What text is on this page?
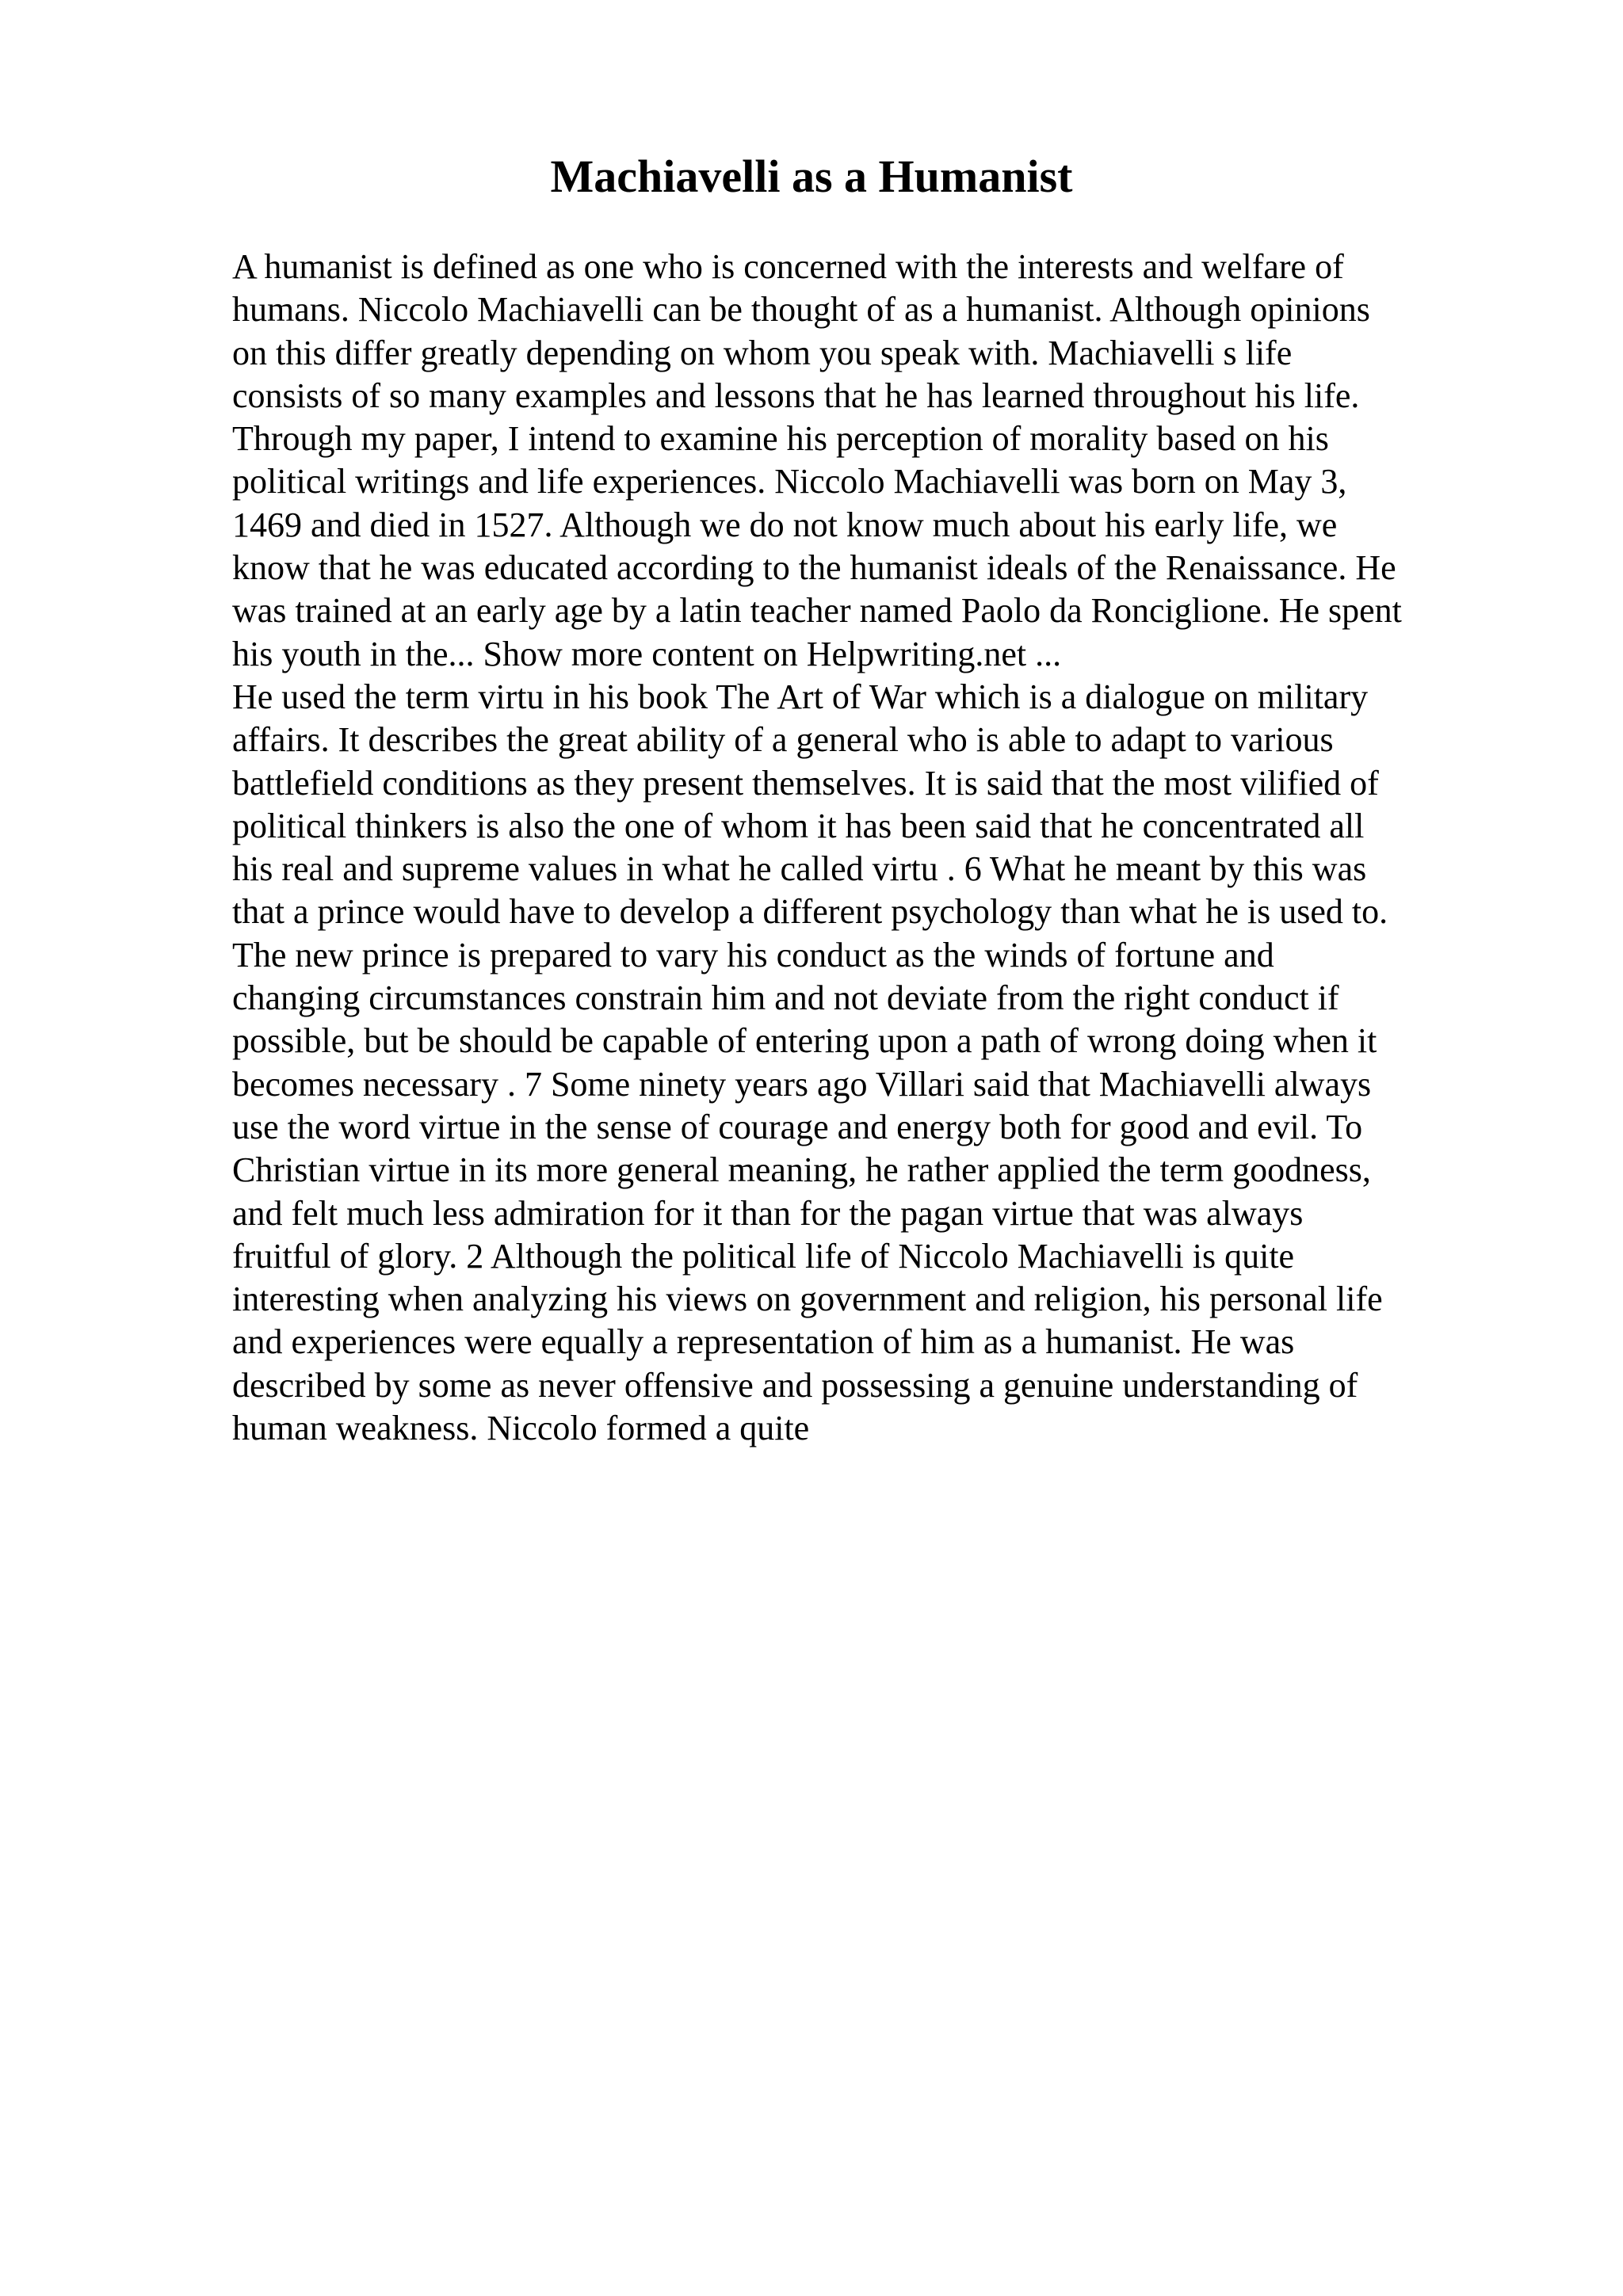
Machiavelli as a Humanist
A humanist is defined as one who is concerned with the interests and welfare of
humans. Niccolo Machiavelli can be thought of as a humanist. Although opinions
on this differ greatly depending on whom you speak with. Machiavelli s life
consists of so many examples and lessons that he has learned throughout his life.
Through my paper, I intend to examine his perception of morality based on his
political writings and life experiences. Niccolo Machiavelli was born on May 3,
1469 and died in 1527. Although we do not know much about his early life, we
know that he was educated according to the humanist ideals of the Renaissance. He
was trained at an early age by a latin teacher named Paolo da Ronciglione. He spent
his youth in the... Show more content on Helpwriting.net ...
He used the term virtu in his book The Art of War which is a dialogue on military
affairs. It describes the great ability of a general who is able to adapt to various
battlefield conditions as they present themselves. It is said that the most vilified of
political thinkers is also the one of whom it has been said that he concentrated all
his real and supreme values in what he called virtu . 6 What he meant by this was
that a prince would have to develop a different psychology than what he is used to.
The new prince is prepared to vary his conduct as the winds of fortune and
changing circumstances constrain him and not deviate from the right conduct if
possible, but be should be capable of entering upon a path of wrong doing when it
becomes necessary . 7 Some ninety years ago Villari said that Machiavelli always
use the word virtue in the sense of courage and energy both for good and evil. To
Christian virtue in its more general meaning, he rather applied the term goodness,
and felt much less admiration for it than for the pagan virtue that was always
fruitful of glory. 2 Although the political life of Niccolo Machiavelli is quite
interesting when analyzing his views on government and religion, his personal life
and experiences were equally a representation of him as a humanist. He was
described by some as never offensive and possessing a genuine understanding of
human weakness. Niccolo formed a quite
